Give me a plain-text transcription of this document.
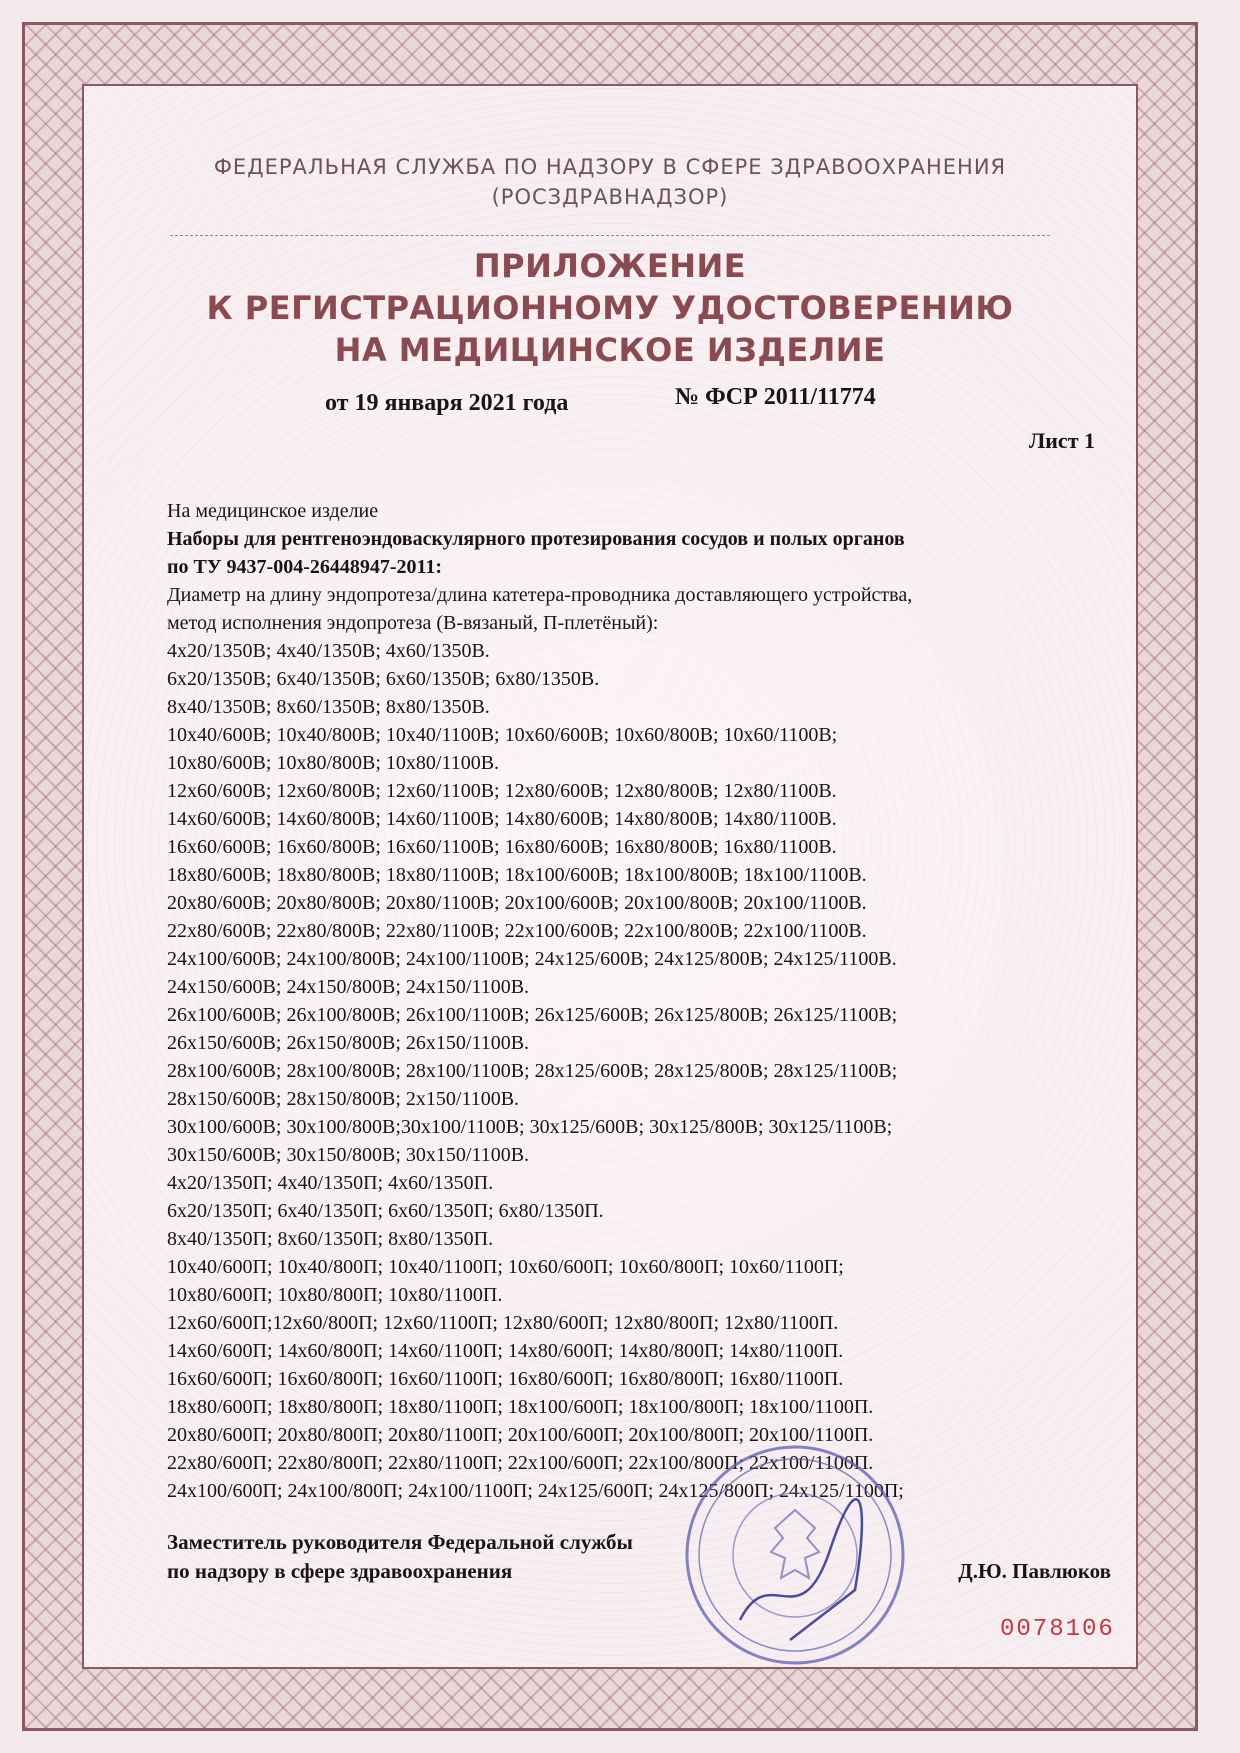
ФЕДЕРАЛЬНАЯ СЛУЖБА ПО НАДЗОРУ В СФЕРЕ ЗДРАВООХРАНЕНИЯ
(РОСЗДРАВНАДЗОР)
ПРИЛОЖЕНИЕ
К РЕГИСТРАЦИОННОМУ УДОСТОВЕРЕНИЮ
НА МЕДИЦИНСКОЕ ИЗДЕЛИЕ
от 19 января 2021 года	№ ФСР 2011/11774
Лист 1
На медицинское изделие
Наборы для рентгеноэндоваскулярного протезирования сосудов и полых органов
по ТУ 9437-004-26448947-2011:
Диаметр на длину эндопротеза/длина катетера-проводника доставляющего устройства,
метод исполнения эндопротеза (В-вязаный, П-плетёный):
4x20/1350В; 4x40/1350В; 4x60/1350В.
6x20/1350В; 6x40/1350В; 6x60/1350В; 6x80/1350В.
8x40/1350В; 8x60/1350В; 8x80/1350В.
10x40/600В; 10x40/800В; 10x40/1100В; 10x60/600В; 10x60/800В; 10x60/1100В;
10x80/600В; 10x80/800В; 10x80/1100В.
12x60/600В; 12x60/800В; 12x60/1100В; 12x80/600В; 12x80/800В; 12x80/1100В.
14x60/600В; 14x60/800В; 14x60/1100В; 14x80/600В; 14x80/800В; 14x80/1100В.
16x60/600В; 16x60/800В; 16x60/1100В; 16x80/600В; 16x80/800В; 16x80/1100В.
18x80/600В; 18x80/800В; 18x80/1100В; 18x100/600В; 18x100/800В; 18x100/1100В.
20x80/600В; 20x80/800В; 20x80/1100В; 20x100/600В; 20x100/800В; 20x100/1100В.
22x80/600В; 22x80/800В; 22x80/1100В; 22x100/600В; 22x100/800В; 22x100/1100В.
24x100/600В; 24x100/800В; 24x100/1100В; 24x125/600В; 24x125/800В; 24x125/1100В.
24x150/600В; 24x150/800В; 24x150/1100В.
26x100/600В; 26x100/800В; 26x100/1100В; 26x125/600В; 26x125/800В; 26x125/1100В;
26x150/600В; 26x150/800В; 26x150/1100В.
28x100/600В; 28x100/800В; 28x100/1100В; 28x125/600В; 28x125/800В; 28x125/1100В;
28x150/600В; 28x150/800В; 2x150/1100В.
30x100/600В; 30x100/800В;30x100/1100В; 30x125/600В; 30x125/800В; 30x125/1100В;
30x150/600В; 30x150/800В; 30x150/1100В.
4x20/1350П; 4x40/1350П; 4x60/1350П.
6x20/1350П; 6x40/1350П; 6x60/1350П; 6x80/1350П.
8x40/1350П; 8x60/1350П; 8x80/1350П.
10x40/600П; 10x40/800П; 10x40/1100П; 10x60/600П; 10x60/800П; 10x60/1100П;
10x80/600П; 10x80/800П; 10x80/1100П.
12x60/600П;12x60/800П; 12x60/1100П; 12x80/600П; 12x80/800П; 12x80/1100П.
14x60/600П; 14x60/800П; 14x60/1100П; 14x80/600П; 14x80/800П; 14x80/1100П.
16x60/600П; 16x60/800П; 16x60/1100П; 16x80/600П; 16x80/800П; 16x80/1100П.
18x80/600П; 18x80/800П; 18x80/1100П; 18x100/600П; 18x100/800П; 18x100/1100П.
20x80/600П; 20x80/800П; 20x80/1100П; 20x100/600П; 20x100/800П; 20x100/1100П.
22x80/600П; 22x80/800П; 22x80/1100П; 22x100/600П; 22x100/800П; 22x100/1100П.
24x100/600П; 24x100/800П; 24x100/1100П; 24x125/600П; 24x125/800П; 24x125/1100П;
Заместитель руководителя Федеральной службы
по надзору в сфере здравоохранения	Д.Ю. Павлюков
0078106
